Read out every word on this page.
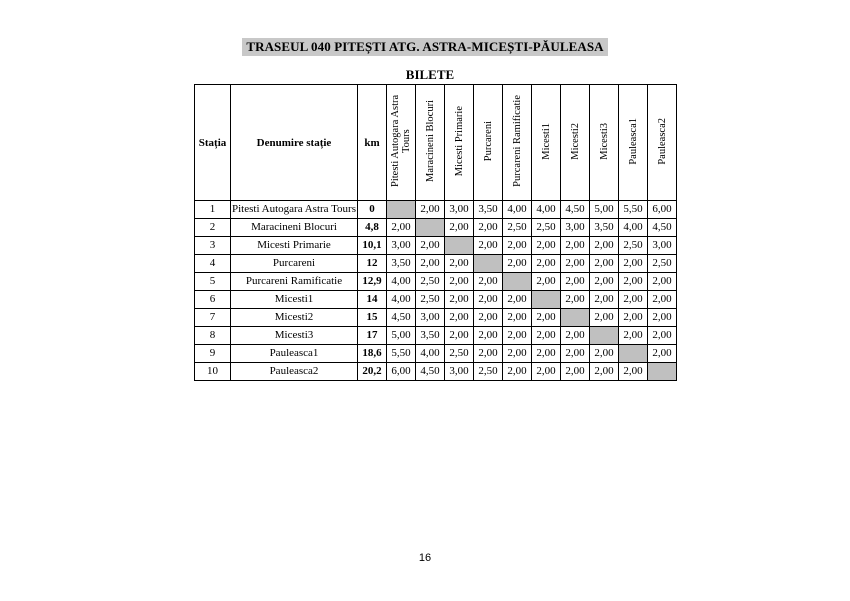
TRASEUL 040 PITEȘTI ATG. ASTRA-MICEȘTI-PĂULEASA
BILETE
Stația	Denumire stație	km	Pitesti Autogara Astra Tours	Maracineni Blocuri	Micesti Primarie	Purcareni	Purcareni Ramificatie	Micesti1	Micesti2	Micesti3	Pauleasca1	Pauleasca2
1	Pitesti Autogara Astra Tours	0		2,00	3,00	3,50	4,00	4,00	4,50	5,00	5,50	6,00
2	Maracineni Blocuri	4,8	2,00		2,00	2,00	2,50	2,50	3,00	3,50	4,00	4,50
3	Micesti Primarie	10,1	3,00	2,00		2,00	2,00	2,00	2,00	2,00	2,50	3,00
4	Purcareni	12	3,50	2,00	2,00		2,00	2,00	2,00	2,00	2,00	2,50
5	Purcareni Ramificatie	12,9	4,00	2,50	2,00	2,00		2,00	2,00	2,00	2,00	2,00
6	Micesti1	14	4,00	2,50	2,00	2,00	2,00		2,00	2,00	2,00	2,00
7	Micesti2	15	4,50	3,00	2,00	2,00	2,00	2,00		2,00	2,00	2,00
8	Micesti3	17	5,00	3,50	2,00	2,00	2,00	2,00	2,00		2,00	2,00
9	Pauleasca1	18,6	5,50	4,00	2,50	2,00	2,00	2,00	2,00	2,00		2,00
10	Pauleasca2	20,2	6,00	4,50	3,00	2,50	2,00	2,00	2,00	2,00	2,00	
16
